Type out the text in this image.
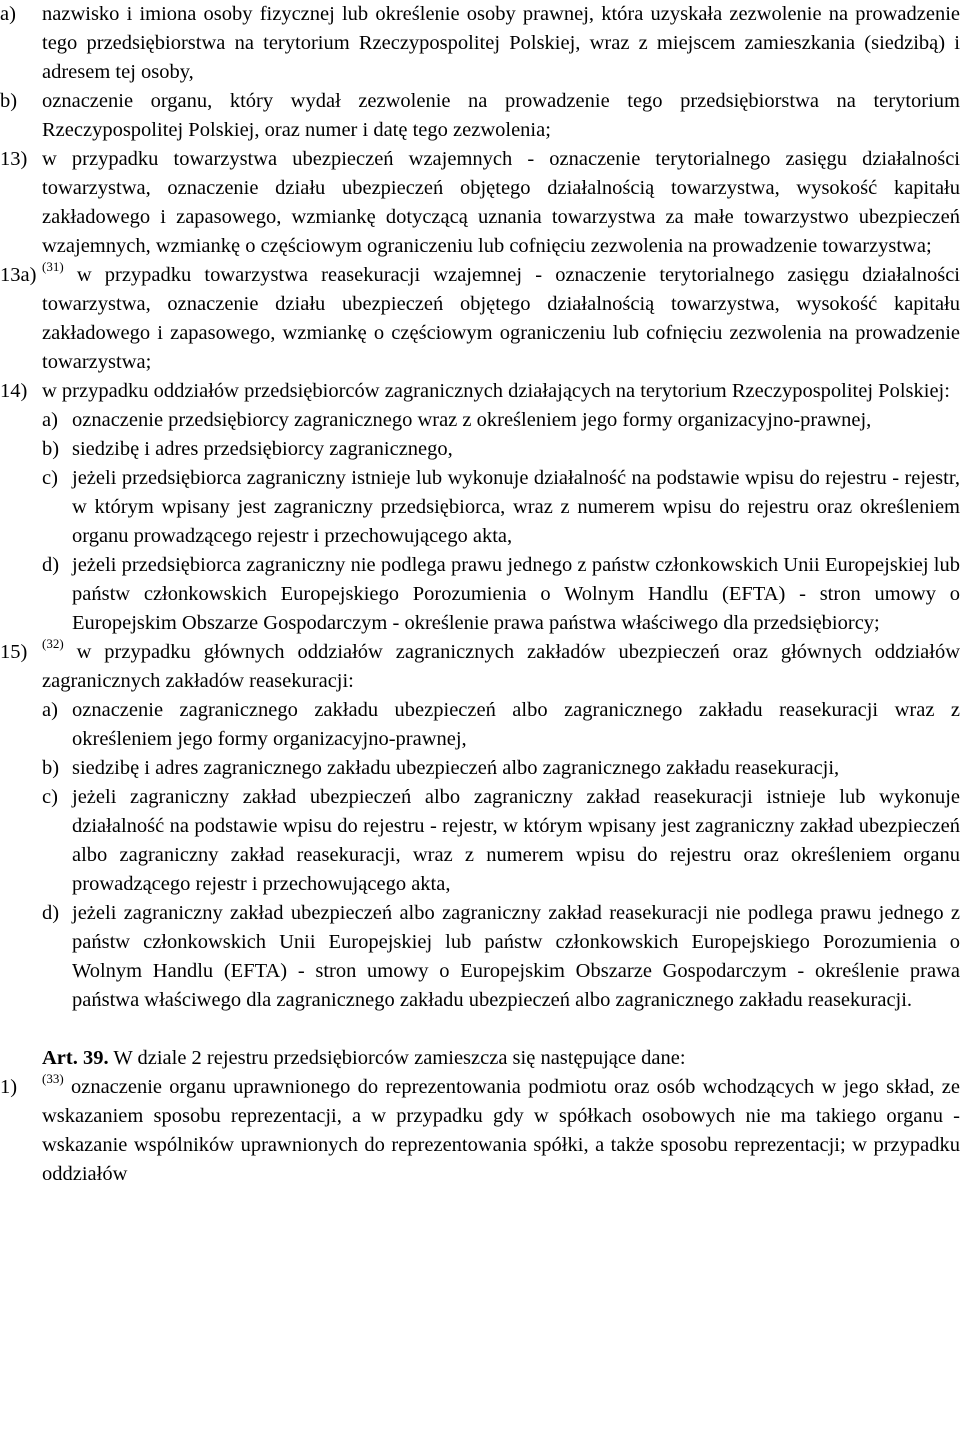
a) nazwisko i imiona osoby fizycznej lub określenie osoby prawnej, która uzyskała zezwolenie na prowadzenie tego przedsiębiorstwa na terytorium Rzeczypospolitej Polskiej, wraz z miejscem zamieszkania (siedzibą) i adresem tej osoby,
b) oznaczenie organu, który wydał zezwolenie na prowadzenie tego przedsiębiorstwa na terytorium Rzeczypospolitej Polskiej, oraz numer i datę tego zezwolenia;
13) w przypadku towarzystwa ubezpieczeń wzajemnych - oznaczenie terytorialnego zasięgu działalności towarzystwa, oznaczenie działu ubezpieczeń objętego działalnością towarzystwa, wysokość kapitału zakładowego i zapasowego, wzmiankę dotyczącą uznania towarzystwa za małe towarzystwo ubezpieczeń wzajemnych, wzmiankę o częściowym ograniczeniu lub cofnięciu zezwolenia na prowadzenie towarzystwa;
13a) $^{(31)}$ w przypadku towarzystwa reasekuracji wzajemnej - oznaczenie terytorialnego zasięgu działalności towarzystwa, oznaczenie działu ubezpieczeń objętego działalnością towarzystwa, wysokość kapitału zakładowego i zapasowego, wzmiankę o częściowym ograniczeniu lub cofnięciu zezwolenia na prowadzenie towarzystwa;
14) w przypadku oddziałów przedsiębiorców zagranicznych działających na terytorium Rzeczypospolitej Polskiej:
a) oznaczenie przedsiębiorcy zagranicznego wraz z określeniem jego formy organizacyjno-prawnej,
b) siedzibę i adres przedsiębiorcy zagranicznego,
c) jeżeli przedsiębiorca zagraniczny istnieje lub wykonuje działalność na podstawie wpisu do rejestru - rejestr, w którym wpisany jest zagraniczny przedsiębiorca, wraz z numerem wpisu do rejestru oraz określeniem organu prowadzącego rejestr i przechowującego akta,
d) jeżeli przedsiębiorca zagraniczny nie podlega prawu jednego z państw członkowskich Unii Europejskiej lub państw członkowskich Europejskiego Porozumienia o Wolnym Handlu (EFTA) - stron umowy o Europejskim Obszarze Gospodarczym - określenie prawa państwa właściwego dla przedsiębiorcy;
15) $^{(32)}$ w przypadku głównych oddziałów zagranicznych zakładów ubezpieczeń oraz głównych oddziałów zagranicznych zakładów reasekuracji:
a) oznaczenie zagranicznego zakładu ubezpieczeń albo zagranicznego zakładu reasekuracji wraz z określeniem jego formy organizacyjno-prawnej,
b) siedzibę i adres zagranicznego zakładu ubezpieczeń albo zagranicznego zakładu reasekuracji,
c) jeżeli zagraniczny zakład ubezpieczeń albo zagraniczny zakład reasekuracji istnieje lub wykonuje działalność na podstawie wpisu do rejestru - rejestr, w którym wpisany jest zagraniczny zakład ubezpieczeń albo zagraniczny zakład reasekuracji, wraz z numerem wpisu do rejestru oraz określeniem organu prowadzącego rejestr i przechowującego akta,
d) jeżeli zagraniczny zakład ubezpieczeń albo zagraniczny zakład reasekuracji nie podlega prawu jednego z państw członkowskich Unii Europejskiej lub państw członkowskich Europejskiego Porozumienia o Wolnym Handlu (EFTA) - stron umowy o Europejskim Obszarze Gospodarczym - określenie prawa państwa właściwego dla zagranicznego zakładu ubezpieczeń albo zagranicznego zakładu reasekuracji.
Art. 39. W dziale 2 rejestru przedsiębiorców zamieszcza się następujące dane:
1) $^{(33)}$ oznaczenie organu uprawnionego do reprezentowania podmiotu oraz osób wchodzących w jego skład, ze wskazaniem sposobu reprezentacji, a w przypadku gdy w spółkach osobowych nie ma takiego organu - wskazanie wspólników uprawnionych do reprezentowania spółki, a także sposobu reprezentacji; w przypadku oddziałów
